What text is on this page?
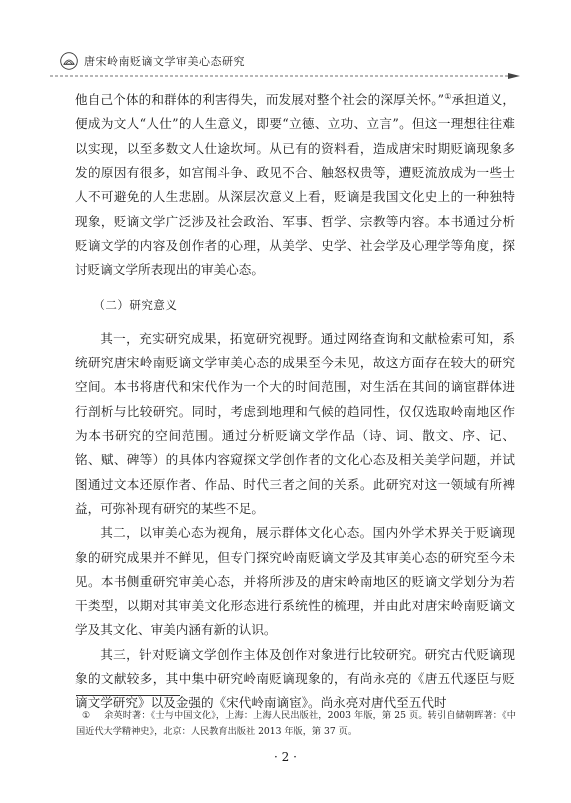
唐宋岭南贬谪文学审美心态研究

他自己个体的和群体的利害得失，而发展对整个社会的深厚关怀。”①承担道义，便成为文人“人仕”的人生意义，即要“立德、立功、立言”。但这一理想往往难以实现，以至多数文人仕途坎坷。从已有的资料看，造成唐宋时期贬谪现象多发的原因有很多，如宫闱斗争、政见不合、触怒权贵等，遭贬流放成为一些士人不可避免的人生悲剧。从深层次意义上看，贬谪是我国文化史上的一种独特现象，贬谪文学广泛涉及社会政治、军事、哲学、宗教等内容。本书通过分析贬谪文学的内容及创作者的心理，从美学、史学、社会学及心理学等角度，探讨贬谪文学所表现出的审美心态。

（二）研究意义

其一，充实研究成果，拓宽研究视野。通过网络查询和文献检索可知，系统研究唐宋岭南贬谪文学审美心态的成果至今未见，故这方面存在较大的研究空间。本书将唐代和宋代作为一个大的时间范围，对生活在其间的谪宦群体进行剖析与比较研究。同时，考虑到地理和气候的趋同性，仅仅选取岭南地区作为本书研究的空间范围。通过分析贬谪文学作品（诗、词、散文、序、记、铭、赋、碑等）的具体内容窥探文学创作者的文化心态及相关美学问题，并试图通过文本还原作者、作品、时代三者之间的关系。此研究对这一领域有所裨益，可弥补现有研究的某些不足。

其二，以审美心态为视角，展示群体文化心态。国内外学术界关于贬谪现象的研究成果并不鲜见，但专门探究岭南贬谪文学及其审美心态的研究至今未见。本书侧重研究审美心态，并将所涉及的唐宋岭南地区的贬谪文学划分为若干类型，以期对其审美文化形态进行系统性的梳理，并由此对唐宋岭南贬谪文学及其文化、审美内涵有新的认识。

其三，针对贬谪文学创作主体及创作对象进行比较研究。研究古代贬谪现象的文献较多，其中集中研究岭南贬谪现象的，有尚永亮的《唐五代逐臣与贬谪文学研究》以及金强的《宋代岭南谪宦》。尚永亮对唐代至五代时

① 余英时著：《士与中国文化》，上海：上海人民出版社，2003 年版，第 25 页。转引自储朝晖著：《中国近代大学精神史》，北京：人民教育出版社 2013 年版，第 37 页。
· 2 ·
